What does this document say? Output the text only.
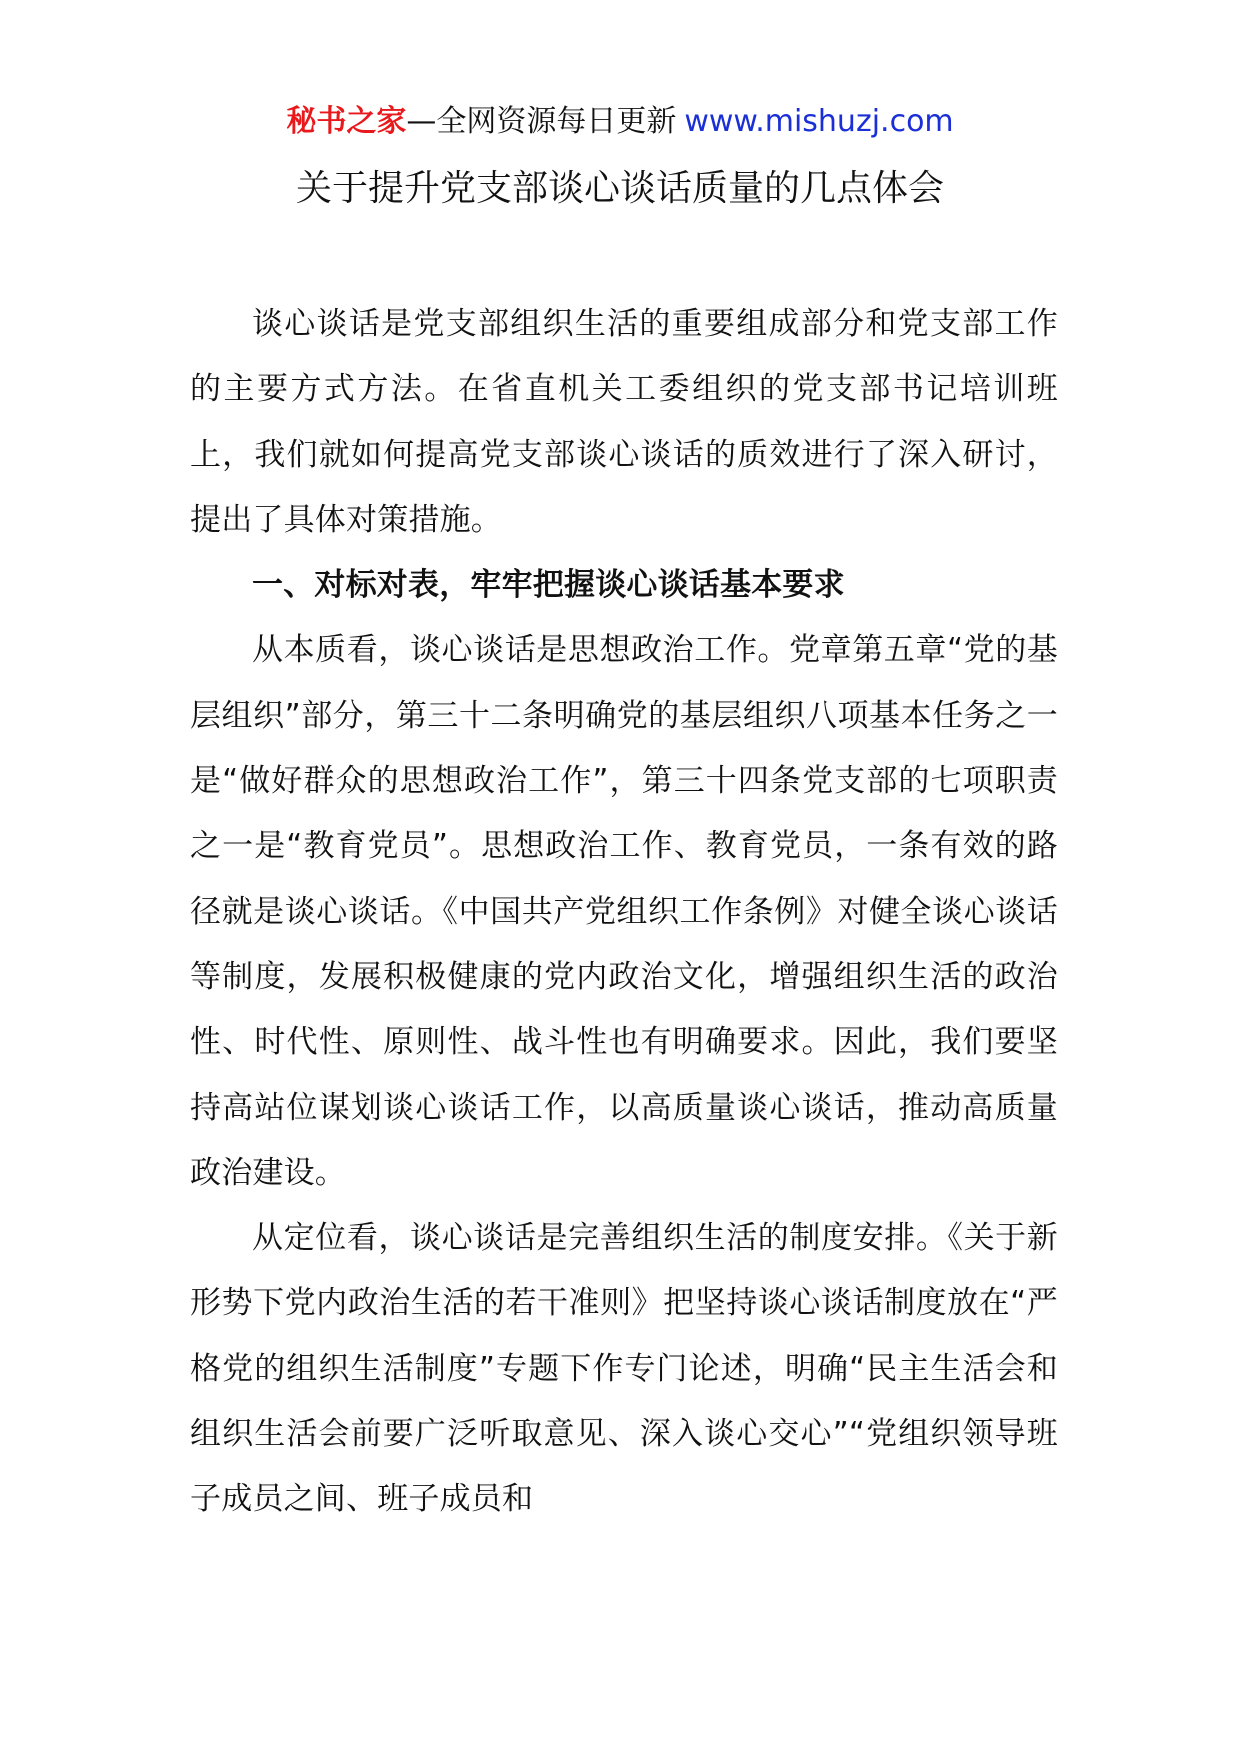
秘书之家—全网资源每日更新 www.mishuzj.com
关于提升党支部谈心谈话质量的几点体会

谈心谈话是党支部组织生活的重要组成部分和党支部工作的主要方式方法。在省直机关工委组织的党支部书记培训班上，我们就如何提高党支部谈心谈话的质效进行了深入研讨，提出了具体对策措施。

一、对标对表，牢牢把握谈心谈话基本要求

从本质看，谈心谈话是思想政治工作。党章第五章“党的基层组织”部分，第三十二条明确党的基层组织八项基本任务之一是“做好群众的思想政治工作”，第三十四条党支部的七项职责之一是“教育党员”。思想政治工作、教育党员，一条有效的路径就是谈心谈话。《中国共产党组织工作条例》对健全谈心谈话等制度，发展积极健康的党内政治文化，增强组织生活的政治性、时代性、原则性、战斗性也有明确要求。因此，我们要坚持高站位谋划谈心谈话工作，以高质量谈心谈话，推动高质量政治建设。

从定位看，谈心谈话是完善组织生活的制度安排。《关于新形势下党内政治生活的若干准则》把坚持谈心谈话制度放在“严格党的组织生活制度”专题下作专门论述，明确“民主生活会和组织生活会前要广泛听取意见、深入谈心交心”“党组织领导班子成员之间、班子成员和
